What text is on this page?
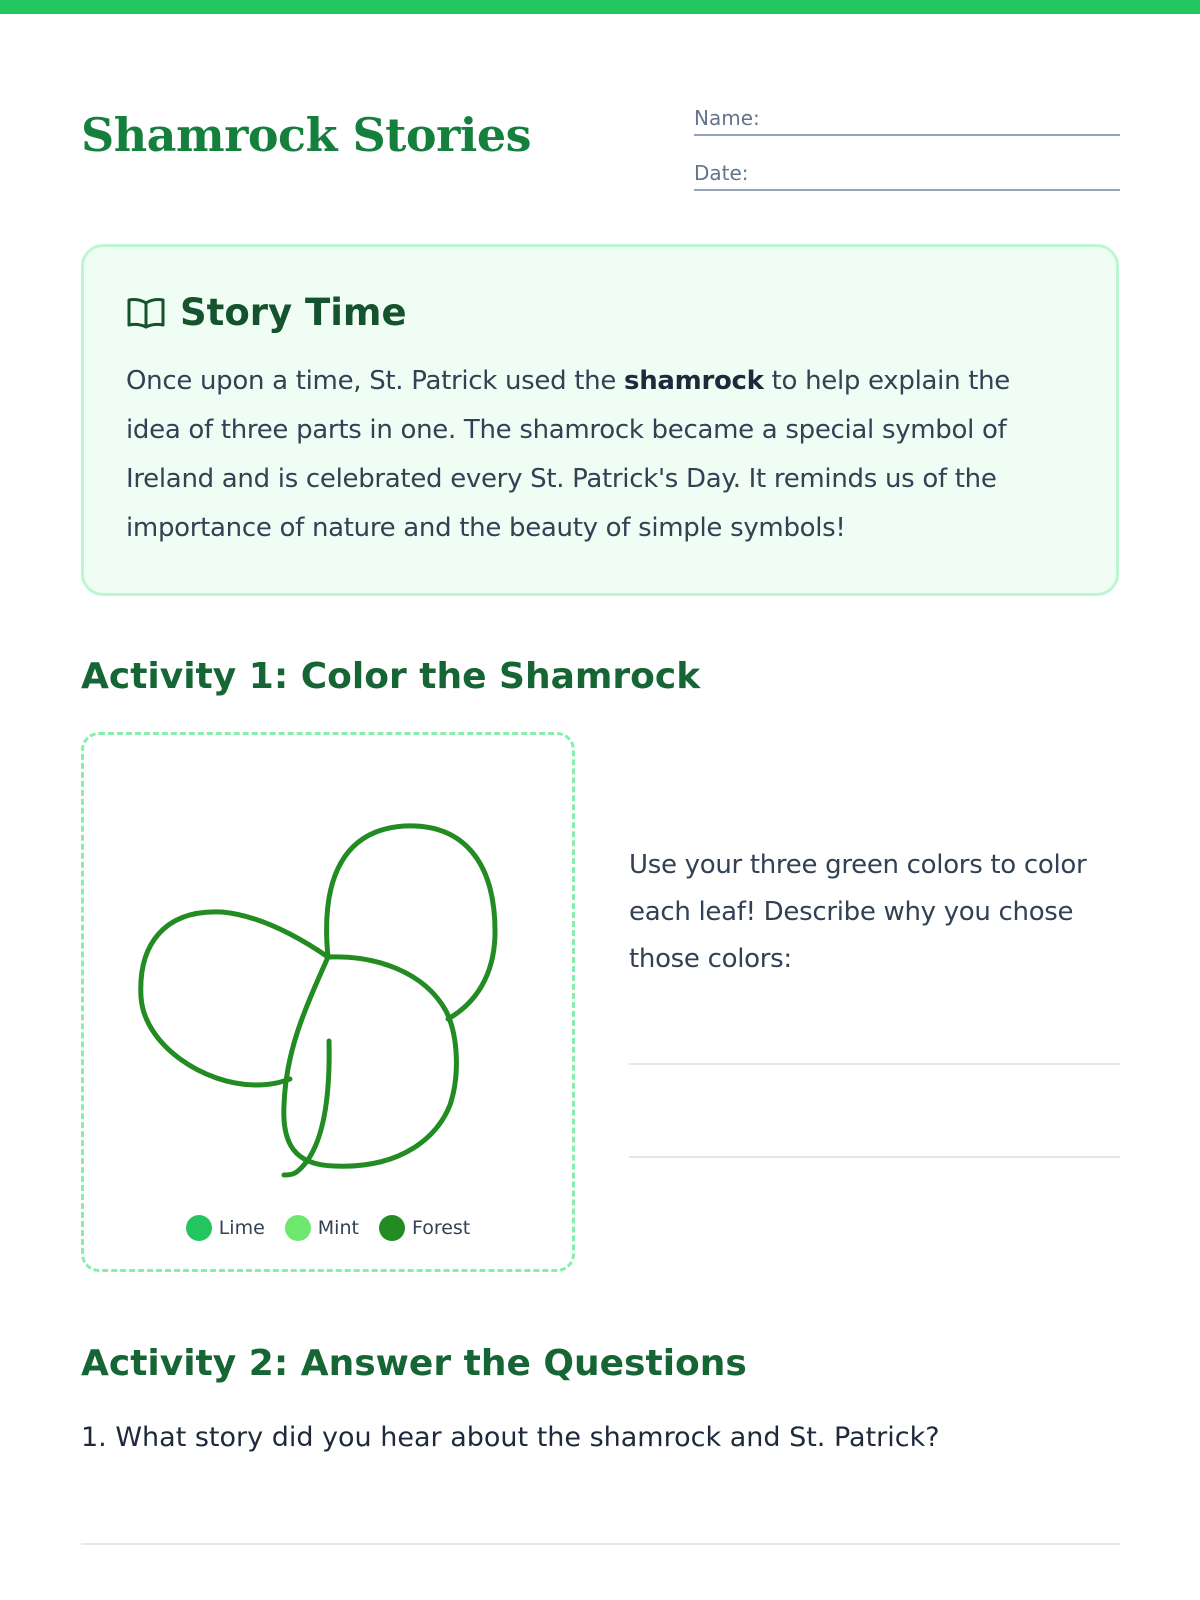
Shamrock Stories	Name:
Date:
Story Time

Once upon a time, St. Patrick used the shamrock to help explain the idea of three parts in one. The shamrock became a special symbol of Ireland and is celebrated every St. Patrick's Day. It reminds us of the importance of nature and the beauty of simple symbols!

Activity 1: Color the Shamrock
Lime	Mint	Forest

Use your three green colors to color each leaf! Describe why you chose those colors:

Activity 2: Answer the Questions

1. What story did you hear about the shamrock and St. Patrick?
